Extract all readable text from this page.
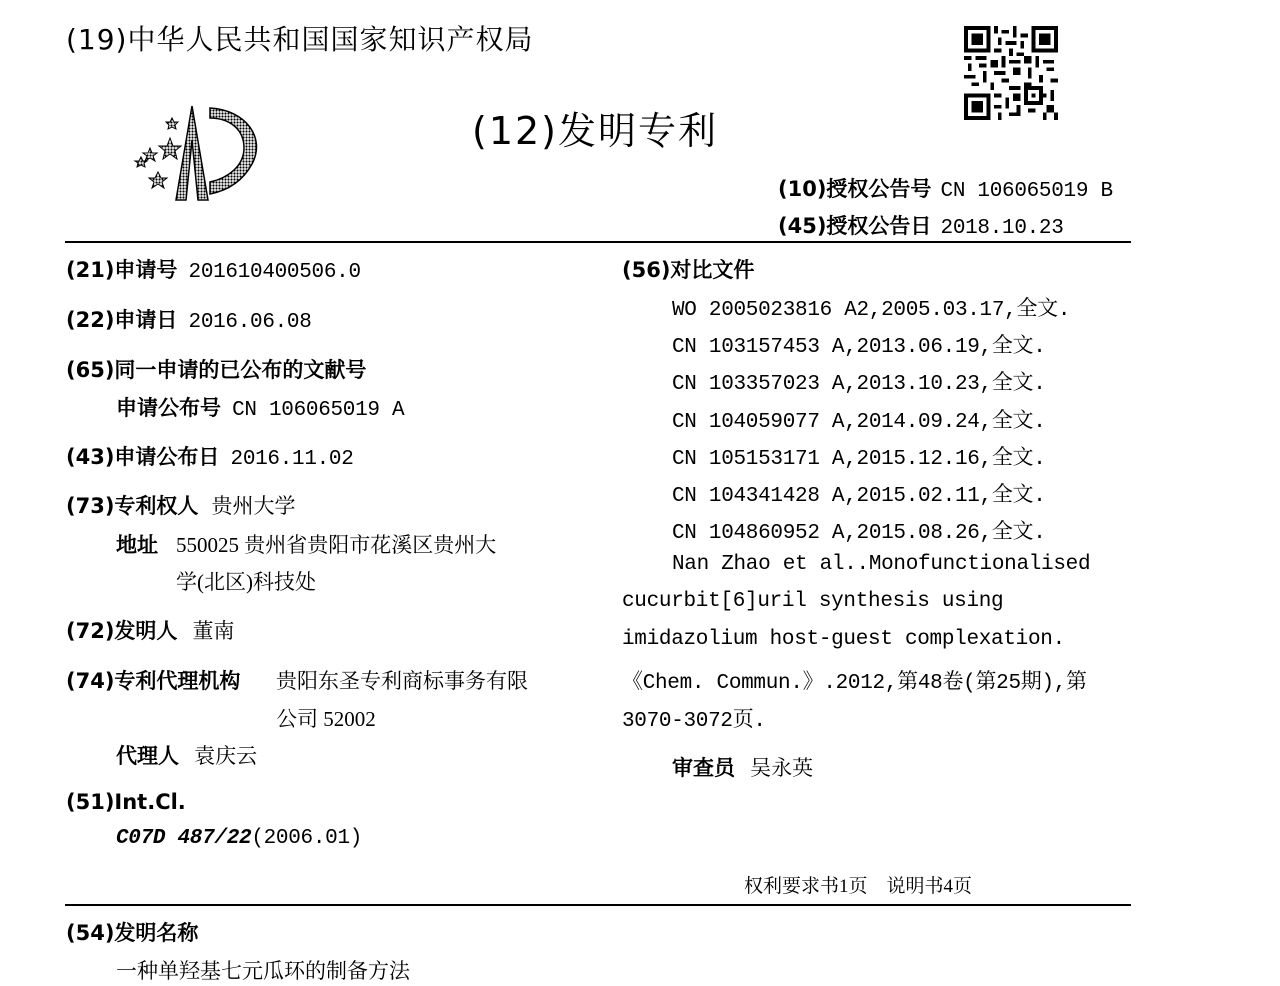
(19)中华人民共和国国家知识产权局
(12)发明专利
(10)授权公告号 CN 106065019 B
(45)授权公告日 2018.10.23
(21)申请号 201610400506.0
(22)申请日 2016.06.08
(65)同一申请的已公布的文献号
申请公布号 CN 106065019 A
(43)申请公布日 2016.11.02
(73)专利权人 贵州大学
地址 550025 贵州省贵阳市花溪区贵州大
学(北区)科技处
(72)发明人 董南
(74)专利代理机构 贵阳东圣专利商标事务有限
公司 52002
代理人 袁庆云
(51)Int.Cl.
C07D 487/22(2006.01)
(56)对比文件
WO 2005023816 A2,2005.03.17,全文.
CN 103157453 A,2013.06.19,全文.
CN 103357023 A,2013.10.23,全文.
CN 104059077 A,2014.09.24,全文.
CN 105153171 A,2015.12.16,全文.
CN 104341428 A,2015.02.11,全文.
CN 104860952 A,2015.08.26,全文.
Nan Zhao et al..Monofunctionalised
cucurbit[6]uril synthesis using
imidazolium host-guest complexation.
《Chem. Commun.》.2012,第48卷(第25期),第
3070-3072页.
审查员 吴永英
权利要求书1页　说明书4页
(54)发明名称
一种单羟基七元瓜环的制备方法
